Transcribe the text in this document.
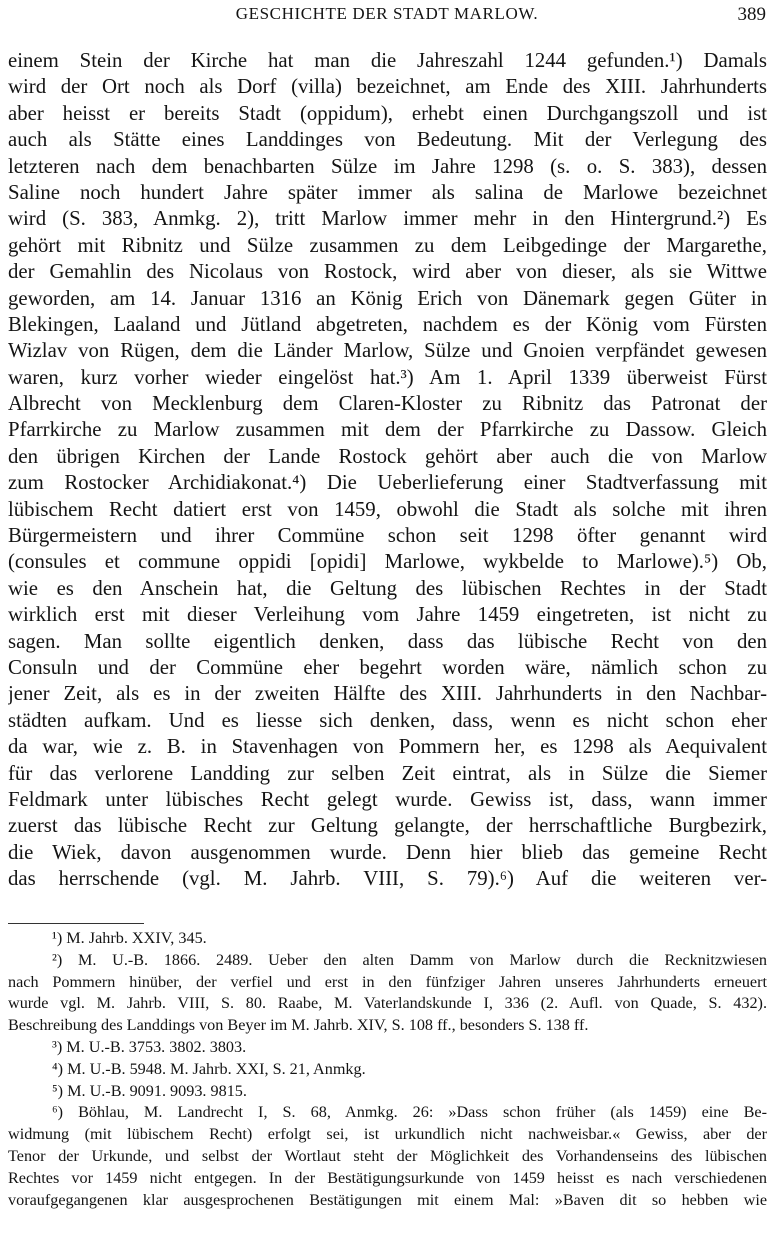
GESCHICHTE DER STADT MARLOW.	389
einem Stein der Kirche hat man die Jahreszahl 1244 gefunden.¹) Damals
wird der Ort noch als Dorf (villa) bezeichnet, am Ende des XIII. Jahrhunderts
aber heisst er bereits Stadt (oppidum), erhebt einen Durchgangszoll und ist
auch als Stätte eines Landdinges von Bedeutung. Mit der Verlegung des
letzteren nach dem benachbarten Sülze im Jahre 1298 (s. o. S. 383), dessen
Saline noch hundert Jahre später immer als salina de Marlowe bezeichnet
wird (S. 383, Anmkg. 2), tritt Marlow immer mehr in den Hintergrund.²) Es
gehört mit Ribnitz und Sülze zusammen zu dem Leibgedinge der Margarethe,
der Gemahlin des Nicolaus von Rostock, wird aber von dieser, als sie Wittwe
geworden, am 14. Januar 1316 an König Erich von Dänemark gegen Güter in
Blekingen, Laaland und Jütland abgetreten, nachdem es der König vom Fürsten
Wizlav von Rügen, dem die Länder Marlow, Sülze und Gnoien verpfändet gewesen
waren, kurz vorher wieder eingelöst hat.³) Am 1. April 1339 überweist Fürst
Albrecht von Mecklenburg dem Claren-Kloster zu Ribnitz das Patronat der
Pfarrkirche zu Marlow zusammen mit dem der Pfarrkirche zu Dassow. Gleich
den übrigen Kirchen der Lande Rostock gehört aber auch die von Marlow
zum Rostocker Archidiakonat.⁴) Die Ueberlieferung einer Stadtverfassung mit
lübischem Recht datiert erst von 1459, obwohl die Stadt als solche mit ihren
Bürgermeistern und ihrer Commüne schon seit 1298 öfter genannt wird
(consules et commune oppidi [opidi] Marlowe, wykbelde to Marlowe).⁵) Ob,
wie es den Anschein hat, die Geltung des lübischen Rechtes in der Stadt
wirklich erst mit dieser Verleihung vom Jahre 1459 eingetreten, ist nicht zu
sagen. Man sollte eigentlich denken, dass das lübische Recht von den
Consuln und der Commüne eher begehrt worden wäre, nämlich schon zu
jener Zeit, als es in der zweiten Hälfte des XIII. Jahrhunderts in den Nachbar-
städten aufkam. Und es liesse sich denken, dass, wenn es nicht schon eher
da war, wie z. B. in Stavenhagen von Pommern her, es 1298 als Aequivalent
für das verlorene Landding zur selben Zeit eintrat, als in Sülze die Siemer
Feldmark unter lübisches Recht gelegt wurde. Gewiss ist, dass, wann immer
zuerst das lübische Recht zur Geltung gelangte, der herrschaftliche Burgbezirk,
die Wiek, davon ausgenommen wurde. Denn hier blieb das gemeine Recht
das herrschende (vgl. M. Jahrb. VIII, S. 79).⁶) Auf die weiteren ver-
¹) M. Jahrb. XXIV, 345.
²) M. U.-B. 1866. 2489. Ueber den alten Damm von Marlow durch die Recknitzwiesen
nach Pommern hinüber, der verfiel und erst in den fünfziger Jahren unseres Jahrhunderts erneuert
wurde vgl. M. Jahrb. VIII, S. 80. Raabe, M. Vaterlandskunde I, 336 (2. Aufl. von Quade, S. 432).
Beschreibung des Landdings von Beyer im M. Jahrb. XIV, S. 108 ff., besonders S. 138 ff.
³) M. U.-B. 3753. 3802. 3803.
⁴) M. U.-B. 5948. M. Jahrb. XXI, S. 21, Anmkg.
⁵) M. U.-B. 9091. 9093. 9815.
⁶) Böhlau, M. Landrecht I, S. 68, Anmkg. 26: »Dass schon früher (als 1459) eine Be-
widmung (mit lübischem Recht) erfolgt sei, ist urkundlich nicht nachweisbar.« Gewiss, aber der
Tenor der Urkunde, und selbst der Wortlaut steht der Möglichkeit des Vorhandenseins des lübischen
Rechtes vor 1459 nicht entgegen. In der Bestätigungsurkunde von 1459 heisst es nach verschiedenen
voraufgegangenen klar ausgesprochenen Bestätigungen mit einem Mal: »Baven dit so hebben wie
